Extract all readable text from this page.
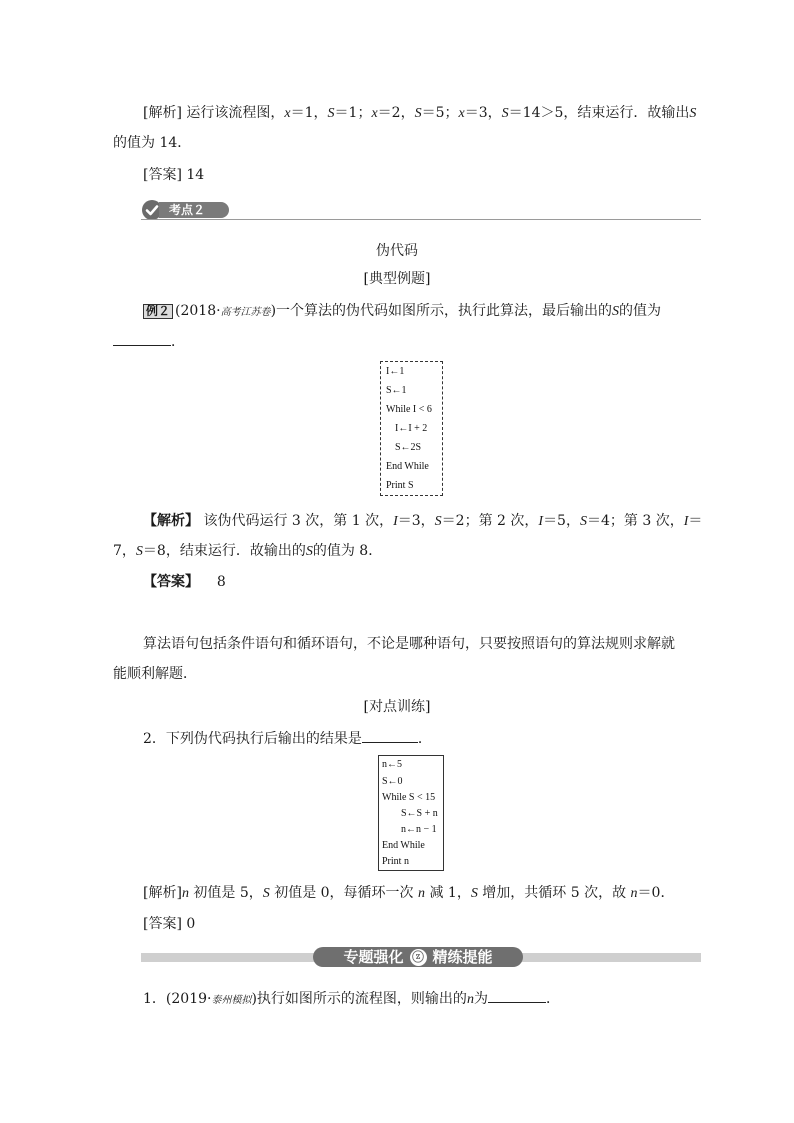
[解析] 运行该流程图，x＝1，S＝1；x＝2，S＝5；x＝3，S＝14＞5，结束运行．故输出S
的值为 14．
[答案] 14
考点２
伪代码
[典型例题]
例２ (2018·高考江苏卷)一个算法的伪代码如图所示，执行此算法，最后输出的S的值为
．
I←1
S←1
While I < 6
I←I + 2
S←2S
End While
Print S
【解析】 该伪代码运行 3 次，第 1 次，I＝3，S＝2；第 2 次，I＝5，S＝4；第 3 次，I＝
7，S＝8，结束运行．故输出的S的值为 8．
【答案】 8
算法语句包括条件语句和循环语句，不论是哪种语句，只要按照语句的算法规则求解就
能顺利解题．
[对点训练]
2．下列伪代码执行后输出的结果是	．
n←5
S←0
While S < 15
S←S + n
n←n − 1
End While
Print n
[解析]n 初值是 5，S 初值是 0，每循环一次 n 减 1，S 增加，共循环 5 次，故 n＝0．
[答案] 0
专题强化 ⓩ 精练提能
1．(2019·泰州模拟)执行如图所示的流程图，则输出的n为	．
